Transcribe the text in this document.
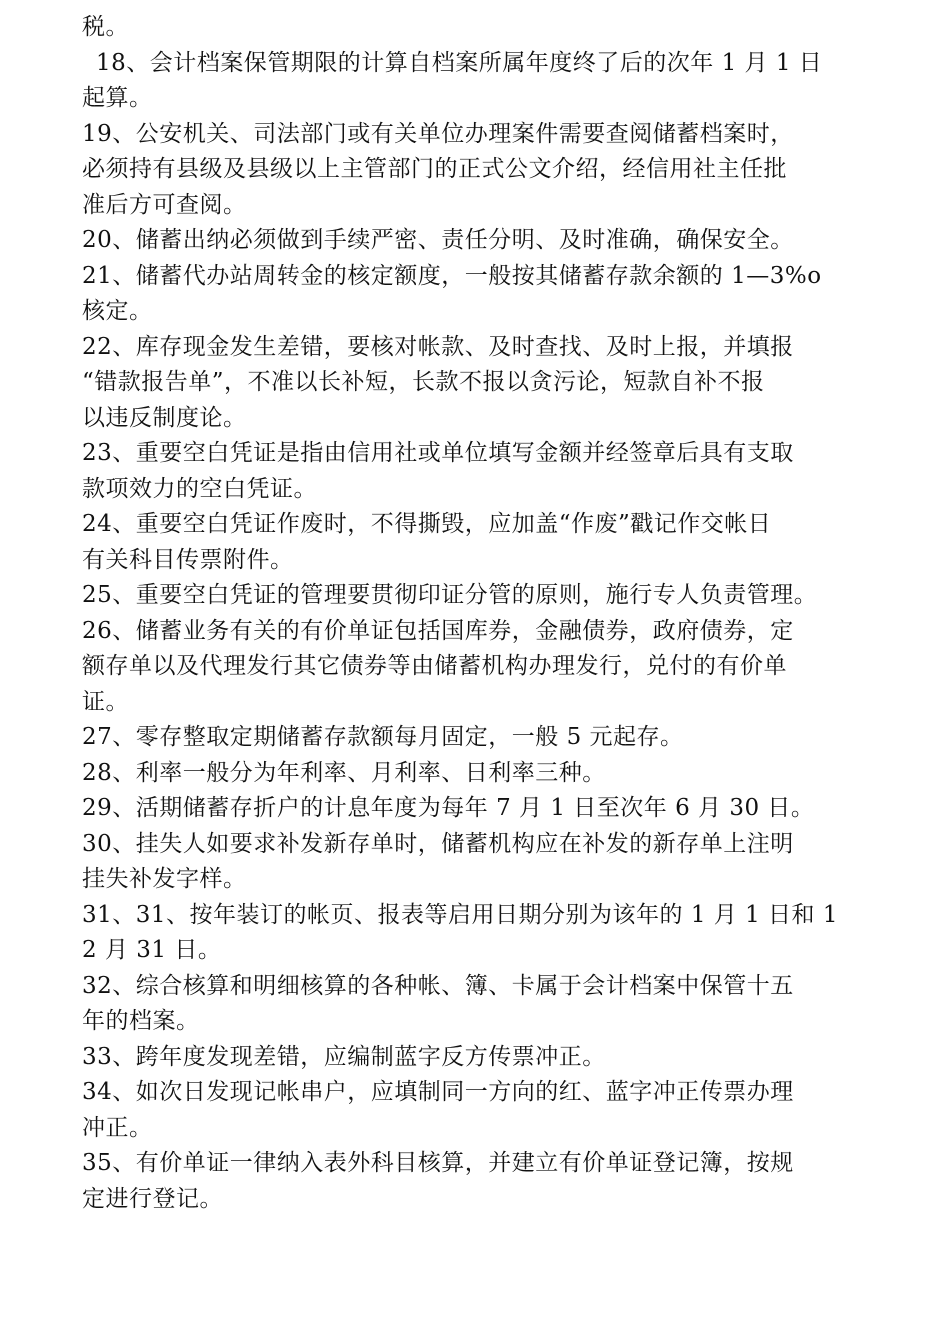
税。
18、会计档案保管期限的计算自档案所属年度终了后的次年 1 月 1 日
起算。
19、公安机关、司法部门或有关单位办理案件需要查阅储蓄档案时，
必须持有县级及县级以上主管部门的正式公文介绍，经信用社主任批
准后方可查阅。
20、储蓄出纳必须做到手续严密、责任分明、及时准确，确保安全。
21、储蓄代办站周转金的核定额度，一般按其储蓄存款余额的 1—3%o
核定。
22、库存现金发生差错，要核对帐款、及时查找、及时上报，并填报
“错款报告单”，不准以长补短，长款不报以贪污论，短款自补不报
以违反制度论。
23、重要空白凭证是指由信用社或单位填写金额并经签章后具有支取
款项效力的空白凭证。
24、重要空白凭证作废时，不得撕毁，应加盖“作废”戳记作交帐日
有关科目传票附件。
25、重要空白凭证的管理要贯彻印证分管的原则，施行专人负责管理。
26、储蓄业务有关的有价单证包括国库券，金融债券，政府债券，定
额存单以及代理发行其它债券等由储蓄机构办理发行，兑付的有价单
证。
27、零存整取定期储蓄存款额每月固定，一般 5 元起存。
28、利率一般分为年利率、月利率、日利率三种。
29、活期储蓄存折户的计息年度为每年 7 月 1 日至次年 6 月 30 日。
30、挂失人如要求补发新存单时，储蓄机构应在补发的新存单上注明
挂失补发字样。
31、31、按年装订的帐页、报表等启用日期分别为该年的 1 月 1 日和 1
2 月 31 日。
32、综合核算和明细核算的各种帐、簿、卡属于会计档案中保管十五
年的档案。
33、跨年度发现差错，应编制蓝字反方传票冲正。
34、如次日发现记帐串户，应填制同一方向的红、蓝字冲正传票办理
冲正。
35、有价单证一律纳入表外科目核算，并建立有价单证登记簿，按规
定进行登记。
